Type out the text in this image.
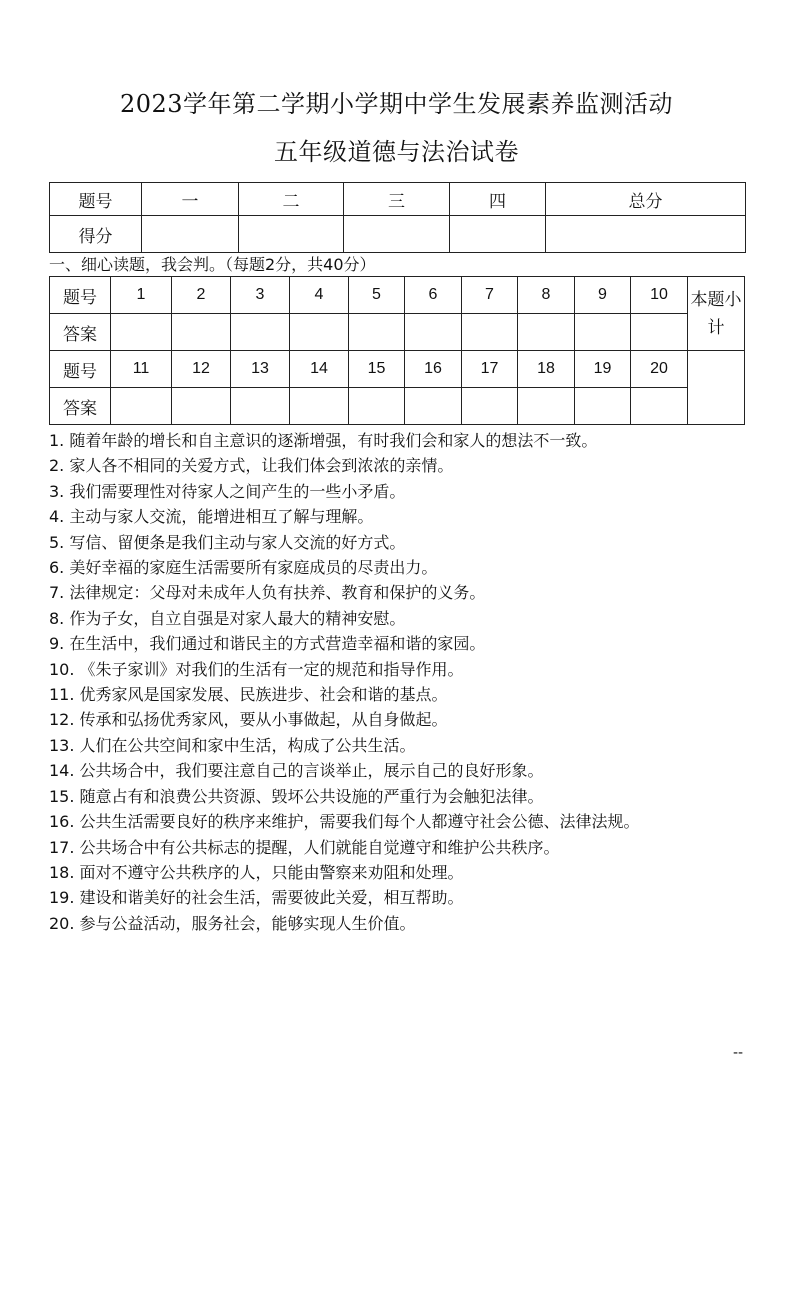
2023学年第二学期小学期中学生发展素养监测活动
五年级道德与法治试卷
题号	一	二	三	四	总分
得分					

一、细心读题，我会判。（每题2分，共40分）

题号	1	2	3	4	5	6	7	8	9	10	本题小计
答案											
题号	11	12	13	14	15	16	17	18	19	20	
答案											
1. 随着年龄的增长和自主意识的逐渐增强，有时我们会和家人的想法不一致。
2. 家人各不相同的关爱方式，让我们体会到浓浓的亲情。
3. 我们需要理性对待家人之间产生的一些小矛盾。
4. 主动与家人交流，能增进相互了解与理解。
5. 写信、留便条是我们主动与家人交流的好方式。
6. 美好幸福的家庭生活需要所有家庭成员的尽责出力。
7. 法律规定：父母对未成年人负有扶养、教育和保护的义务。
8. 作为子女，自立自强是对家人最大的精神安慰。
9. 在生活中，我们通过和谐民主的方式营造幸福和谐的家园。
10. 《朱子家训》对我们的生活有一定的规范和指导作用。
11. 优秀家风是国家发展、民族进步、社会和谐的基点。
12. 传承和弘扬优秀家风，要从小事做起，从自身做起。
13. 人们在公共空间和家中生活，构成了公共生活。
14. 公共场合中，我们要注意自己的言谈举止，展示自己的良好形象。
15. 随意占有和浪费公共资源、毁坏公共设施的严重行为会触犯法律。
16. 公共生活需要良好的秩序来维护，需要我们每个人都遵守社会公德、法律法规。
17. 公共场合中有公共标志的提醒，人们就能自觉遵守和维护公共秩序。
18. 面对不遵守公共秩序的人，只能由警察来劝阻和处理。
19. 建设和谐美好的社会生活，需要彼此关爱，相互帮助。
20. 参与公益活动，服务社会，能够实现人生价值。
--
